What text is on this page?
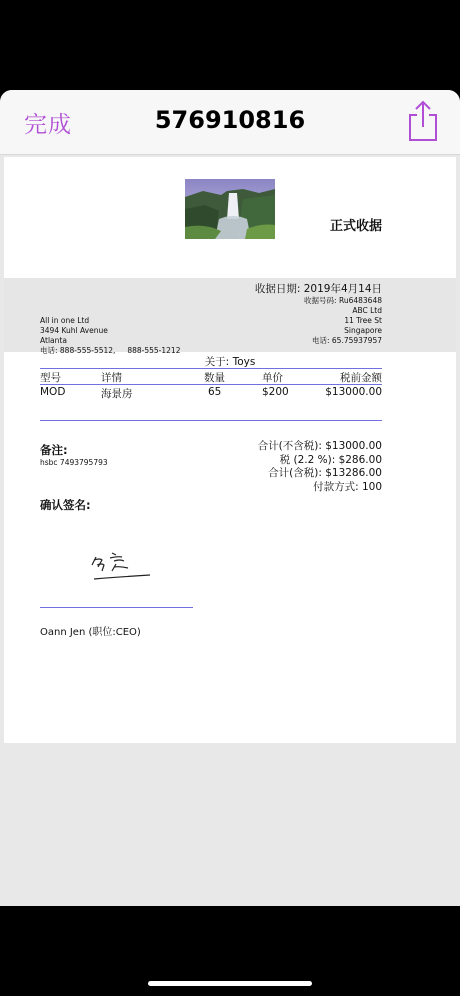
完成	576910816
正式收据
收据日期: 2019年4月14日
收据号码: Ru6483648
ABC Ltd
11 Tree St
Singapore
电话: 65.75937957
All in one Ltd
3494 Kuhl Avenue
Atlanta
电话: 888-555-5512,     888-555-1212
关于: Toys
型号	详情	数量	单价	税前金额
MOD	海景房	65	$200	$13000.00
备注:
hsbc 7493795793
合计(不含税): $13000.00
税 (2.2 %): $286.00
合计(含税): $13286.00
付款方式: 100
确认签名:
Oann Jen (职位:CEO)
